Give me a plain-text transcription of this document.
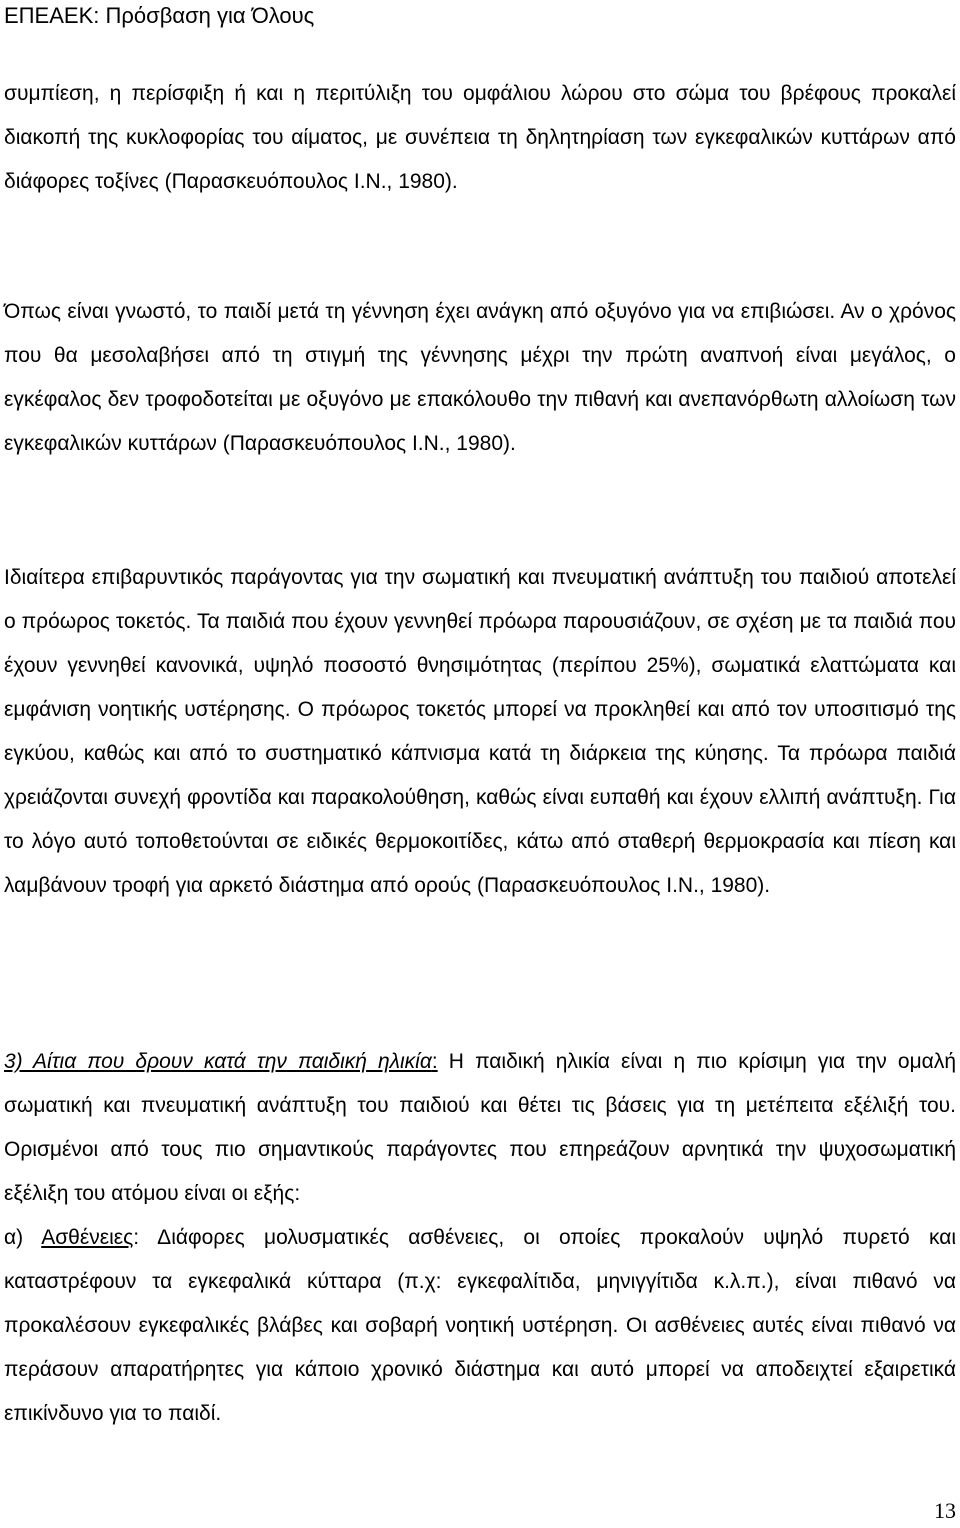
ΕΠΕΑΕΚ: Πρόσβαση για Όλους

συμπίεση, η περίσφιξη ή και η περιτύλιξη του ομφάλιου λώρου στο σώμα του βρέφους προκαλεί διακοπή της κυκλοφορίας του αίματος, με συνέπεια τη δηλητηρίαση των εγκεφαλικών κυττάρων από διάφορες τοξίνες (Παρασκευόπουλος Ι.Ν., 1980).

Όπως είναι γνωστό, το παιδί μετά τη γέννηση έχει ανάγκη από οξυγόνο για να επιβιώσει. Αν ο χρόνος που θα μεσολαβήσει από τη στιγμή της γέννησης μέχρι την πρώτη αναπνοή είναι μεγάλος, ο εγκέφαλος δεν τροφοδοτείται με οξυγόνο με επακόλουθο την πιθανή και ανεπανόρθωτη αλλοίωση των εγκεφαλικών κυττάρων (Παρασκευόπουλος Ι.Ν., 1980).

Ιδιαίτερα επιβαρυντικός παράγοντας για την σωματική και πνευματική ανάπτυξη του παιδιού αποτελεί ο πρόωρος τοκετός. Τα παιδιά που έχουν γεννηθεί πρόωρα παρουσιάζουν, σε σχέση με τα παιδιά που έχουν γεννηθεί κανονικά, υψηλό ποσοστό θνησιμότητας (περίπου 25%), σωματικά ελαττώματα και εμφάνιση νοητικής υστέρησης. Ο πρόωρος τοκετός μπορεί να προκληθεί και από τον υποσιτισμό της εγκύου, καθώς και από το συστηματικό κάπνισμα κατά τη διάρκεια της κύησης. Τα πρόωρα παιδιά χρειάζονται συνεχή φροντίδα και παρακολούθηση, καθώς είναι ευπαθή και έχουν ελλιπή ανάπτυξη. Για το λόγο αυτό τοποθετούνται σε ειδικές θερμοκοιτίδες, κάτω από σταθερή θερμοκρασία και πίεση και λαμβάνουν τροφή για αρκετό διάστημα από ορούς (Παρασκευόπουλος Ι.Ν., 1980).

3) Αίτια που δρουν κατά την παιδική ηλικία: Η παιδική ηλικία είναι η πιο κρίσιμη για την ομαλή σωματική και πνευματική ανάπτυξη του παιδιού και θέτει τις βάσεις για τη μετέπειτα εξέλιξή του. Ορισμένοι από τους πιο σημαντικούς παράγοντες που επηρεάζουν αρνητικά την ψυχοσωματική εξέλιξη του ατόμου είναι οι εξής:
α) Ασθένειες: Διάφορες μολυσματικές ασθένειες, οι οποίες προκαλούν υψηλό πυρετό και καταστρέφουν τα εγκεφαλικά κύτταρα (π.χ: εγκεφαλίτιδα, μηνιγγίτιδα κ.λ.π.), είναι πιθανό να προκαλέσουν εγκεφαλικές βλάβες και σοβαρή νοητική υστέρηση. Οι ασθένειες αυτές είναι πιθανό να περάσουν απαρατήρητες για κάποιο χρονικό διάστημα και αυτό μπορεί να αποδειχτεί εξαιρετικά επικίνδυνο για το παιδί.

13
